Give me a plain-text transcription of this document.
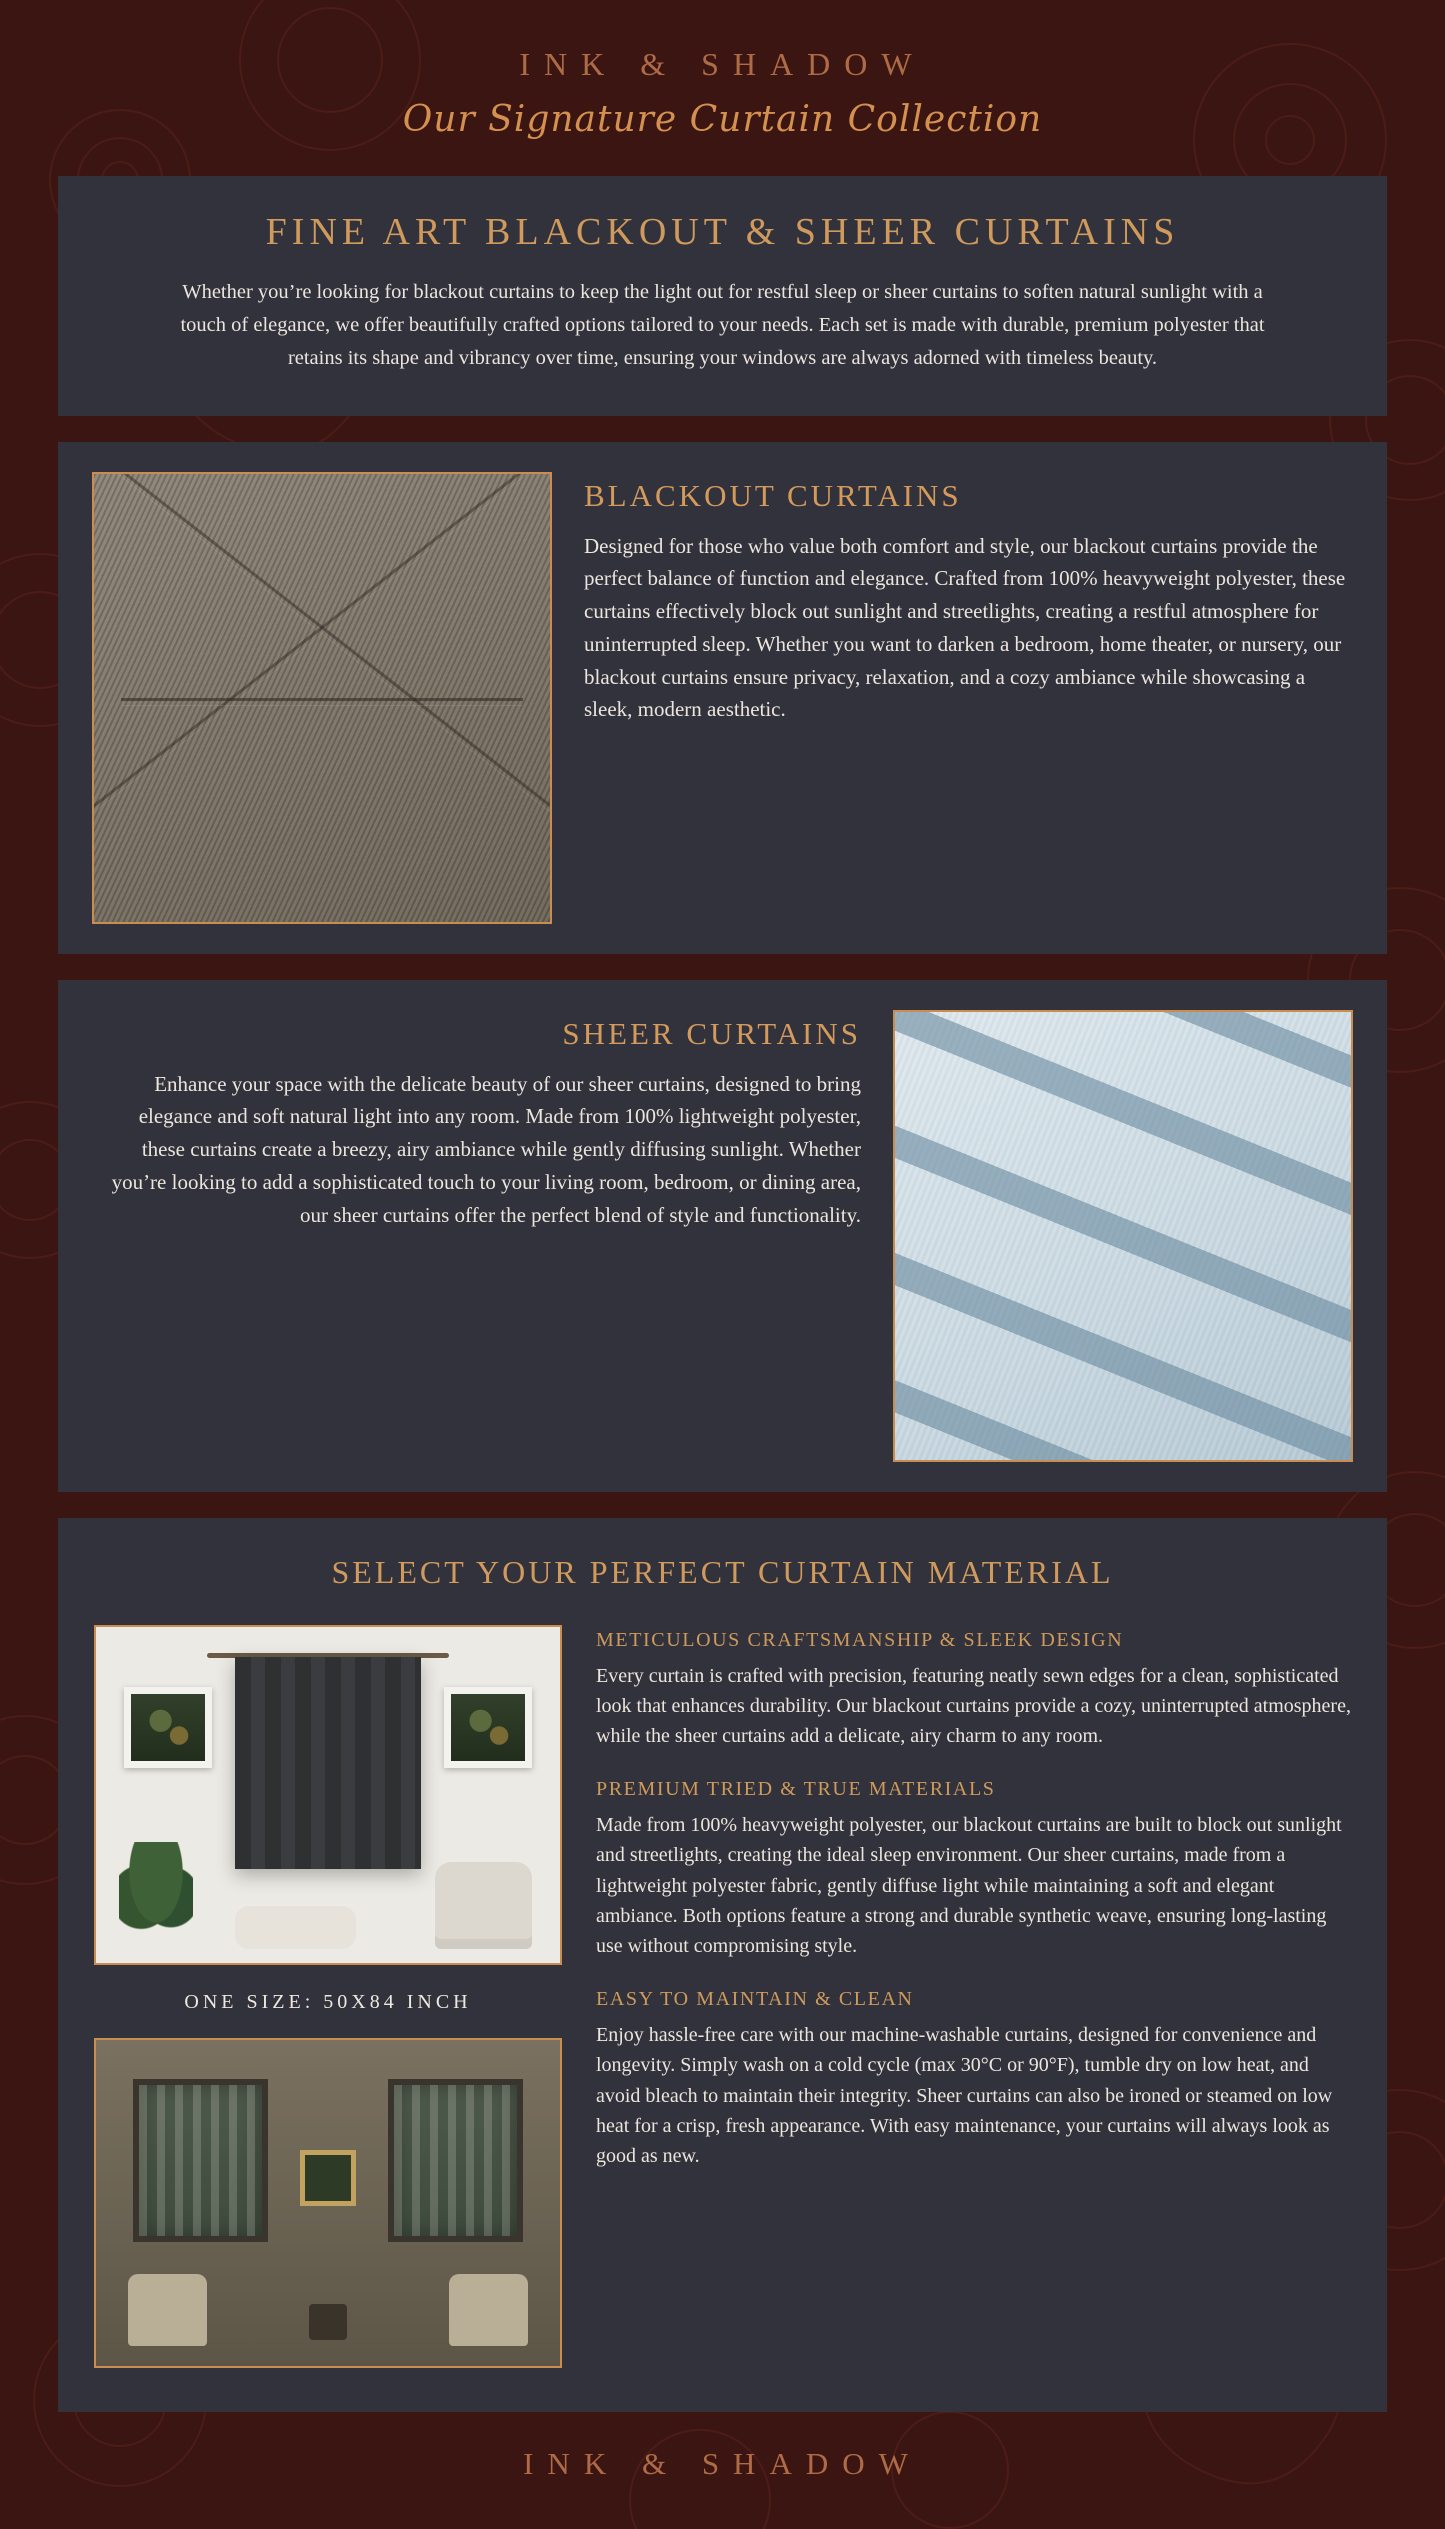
INK & SHADOW
Our Signature Curtain Collection
FINE ART BLACKOUT & SHEER CURTAINS

Whether you’re looking for blackout curtains to keep the light out for restful sleep or sheer curtains to soften natural sunlight with a touch of elegance, we offer beautifully crafted options tailored to your needs. Each set is made with durable, premium polyester that retains its shape and vibrancy over time, ensuring your windows are always adorned with timeless beauty.

BLACKOUT CURTAINS

Designed for those who value both comfort and style, our blackout curtains provide the perfect balance of function and elegance. Crafted from 100% heavyweight polyester, these curtains effectively block out sunlight and streetlights, creating a restful atmosphere for uninterrupted sleep. Whether you want to darken a bedroom, home theater, or nursery, our blackout curtains ensure privacy, relaxation, and a cozy ambiance while showcasing a sleek, modern aesthetic.

SHEER CURTAINS

Enhance your space with the delicate beauty of our sheer curtains, designed to bring elegance and soft natural light into any room. Made from 100% lightweight polyester, these curtains create a breezy, airy ambiance while gently diffusing sunlight. Whether you’re looking to add a sophisticated touch to your living room, bedroom, or dining area, our sheer curtains offer the perfect blend of style and functionality.

SELECT YOUR PERFECT CURTAIN MATERIAL
ONE SIZE: 50X84 INCH
METICULOUS CRAFTSMANSHIP & SLEEK DESIGN

Every curtain is crafted with precision, featuring neatly sewn edges for a clean, sophisticated look that enhances durability. Our blackout curtains provide a cozy, uninterrupted atmosphere, while the sheer curtains add a delicate, airy charm to any room.

PREMIUM TRIED & TRUE MATERIALS

Made from 100% heavyweight polyester, our blackout curtains are built to block out sunlight and streetlights, creating the ideal sleep environment. Our sheer curtains, made from a lightweight polyester fabric, gently diffuse light while maintaining a soft and elegant ambiance. Both options feature a strong and durable synthetic weave, ensuring long-lasting use without compromising style.

EASY TO MAINTAIN & CLEAN

Enjoy hassle-free care with our machine-washable curtains, designed for convenience and longevity. Simply wash on a cold cycle (max 30°C or 90°F), tumble dry on low heat, and avoid bleach to maintain their integrity. Sheer curtains can also be ironed or steamed on low heat for a crisp, fresh appearance. With easy maintenance, your curtains will always look as good as new.

INK & SHADOW
